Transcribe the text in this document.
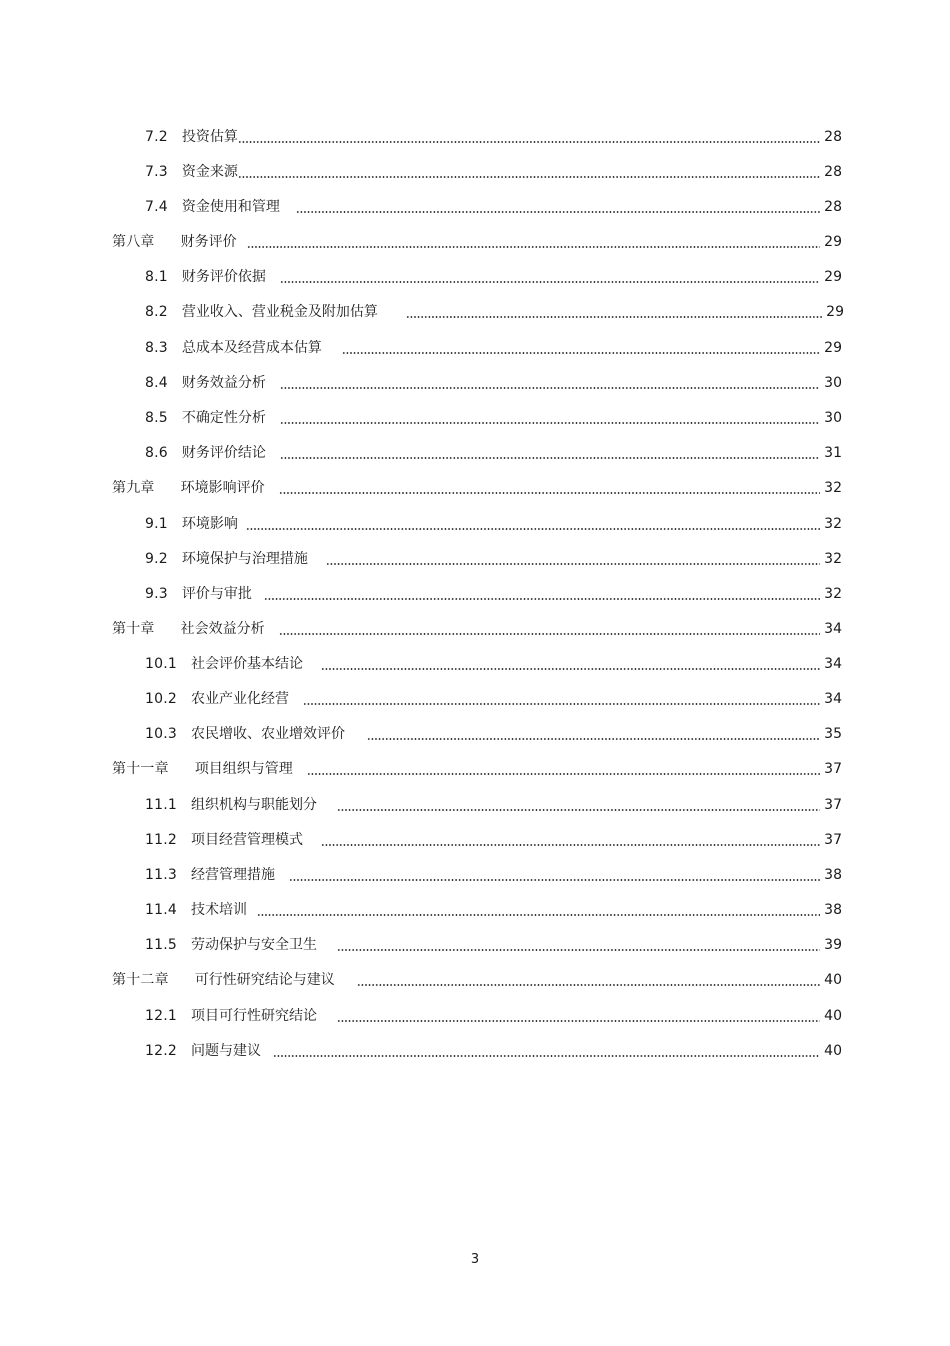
7.2 投资估算	28
7.3 资金来源	28
7.4 资金使用和管理	28
第八章 财务评价	29
8.1 财务评价依据	29
8.2 营业收入、营业税金及附加估算	29
8.3 总成本及经营成本估算	29
8.4 财务效益分析	30
8.5 不确定性分析	30
8.6 财务评价结论	31
第九章 环境影响评价	32
9.1 环境影响	32
9.2 环境保护与治理措施	32
9.3 评价与审批	32
第十章 社会效益分析	34
10.1 社会评价基本结论	34
10.2 农业产业化经营	34
10.3 农民增收、农业增效评价	35
第十一章 项目组织与管理	37
11.1 组织机构与职能划分	37
11.2 项目经营管理模式	37
11.3 经营管理措施	38
11.4 技术培训	38
11.5 劳动保护与安全卫生	39
第十二章 可行性研究结论与建议	40
12.1 项目可行性研究结论	40
12.2 问题与建议	40
3
